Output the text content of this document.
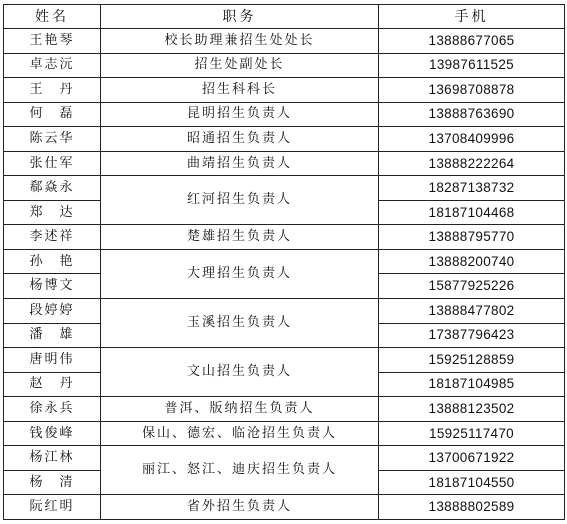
姓名	职务	手机
王艳琴	校长助理兼招生处处长	13888677065
卓志沅	招生处副处长	13987611525
王　丹	招生科科长	13698708878
何　磊	昆明招生负责人	13888763690
陈云华	昭通招生负责人	13708409996
张仕军	曲靖招生负责人	13888222264
郗焱永	红河招生负责人	18287138732
郑　达		18187104468
李述祥	楚雄招生负责人	13888795770
孙　艳	大理招生负责人	13888200740
杨博文		15877925226
段婷婷	玉溪招生负责人	13888477802
潘　雄		17387796423
唐明伟	文山招生负责人	15925128859
赵　丹		18187104985
徐永兵	普洱、版纳招生负责人	13888123502
钱俊峰	保山、德宏、临沧招生负责人	15925117470
杨江林	丽江、怒江、迪庆招生负责人	13700671922
杨　清		18187104550
阮红明	省外招生负责人	13888802589
